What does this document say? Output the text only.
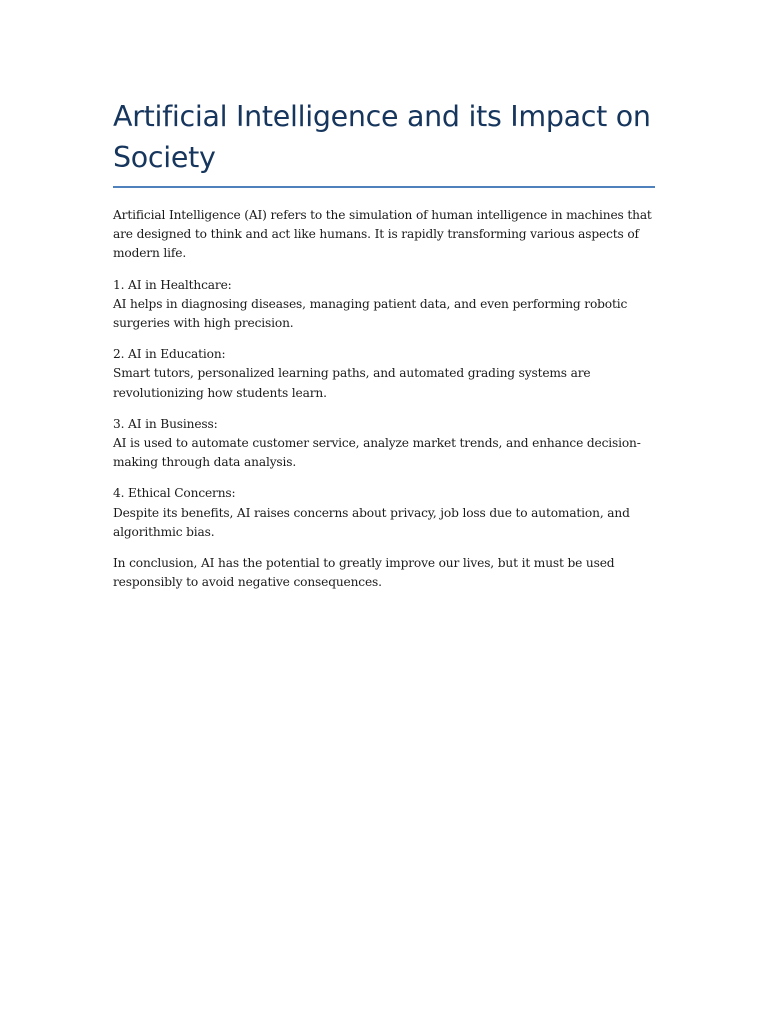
Artificial Intelligence and its Impact on Society

Artificial Intelligence (AI) refers to the simulation of human intelligence in machines that are designed to think and act like humans. It is rapidly transforming various aspects of modern life.

1. AI in Healthcare:

AI helps in diagnosing diseases, managing patient data, and even performing robotic surgeries with high precision.

2. AI in Education:

Smart tutors, personalized learning paths, and automated grading systems are revolutionizing how students learn.

3. AI in Business:

AI is used to automate customer service, analyze market trends, and enhance decision-making through data analysis.

4. Ethical Concerns:

Despite its benefits, AI raises concerns about privacy, job loss due to automation, and algorithmic bias.

In conclusion, AI has the potential to greatly improve our lives, but it must be used responsibly to avoid negative consequences.
